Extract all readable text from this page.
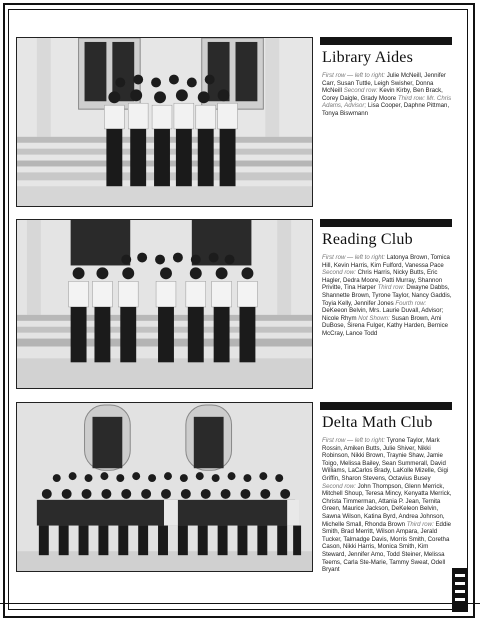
Library Aides
First row — left to right: Julie McNeill, Jennifer Carr, Susan Tuttle, Leigh Swisher, Donna McNeill Second row: Kevin Kirby, Ben Brack, Corey Daigle, Grady Moore Third row: Mr. Chris Adams, Advisor; Lisa Cooper, Daphne Pittman, Tonya Biswmann
Reading Club
First row — left to right: Latonya Brown, Tomica Hill, Kevin Harris, Kim Fulford, Vanessa Pace Second row: Chris Harris, Nicky Butts, Eric Hagler, Dedra Moore, Patti Murray, Shannon Privitte, Tina Harper Third row: Dwayne Dabbs, Shannette Brown, Tyrone Taylor, Nancy Gaddis, Toyia Kelly, Jennifer Jones Fourth row: DeKeeon Belvin, Mrs. Laurie Duvall, Advisor; Nicole Rhym Not Shown: Susan Brown, Ami DuBose, Sirena Fulger, Kathy Harden, Bernice McCray, Lance Todd
Delta Math Club
First row — left to right: Tyrone Taylor, Mark Rossin, Amiken Butts, Julie Shiver, Nikki Robinson, Nikki Brown, Traynie Shaw, Jamie Toigo, Melissa Bailey, Sean Summerall, David Williams, LaCarlos Brady, LaKolle Mizelle, Gigi Griffin, Sharon Stevens, Octavius Busey Second row: John Thompson, Glenn Merrick, Mitchell Shoup, Teresa Mincy, Kenyatta Merrick, Christa Timmerman, Attania P. Jean, Ternita Green, Maurice Jackson, DeKeleon Belvin, Sawna Wilson, Katina Byrd, Andrea Johnson, Michelle Small, Rhonda Brown Third row: Eddie Smith, Brad Merritt, Wilson Ampara, Jerald Tucker, Talmadge Davis, Morris Smith, Coretha Cason, Nikki Harris, Monica Smith, Kim Steward, Jennifer Amo, Todd Steiner, Melissa Teems, Carla Ste-Marie, Tammy Sweat, Odell Bryant
